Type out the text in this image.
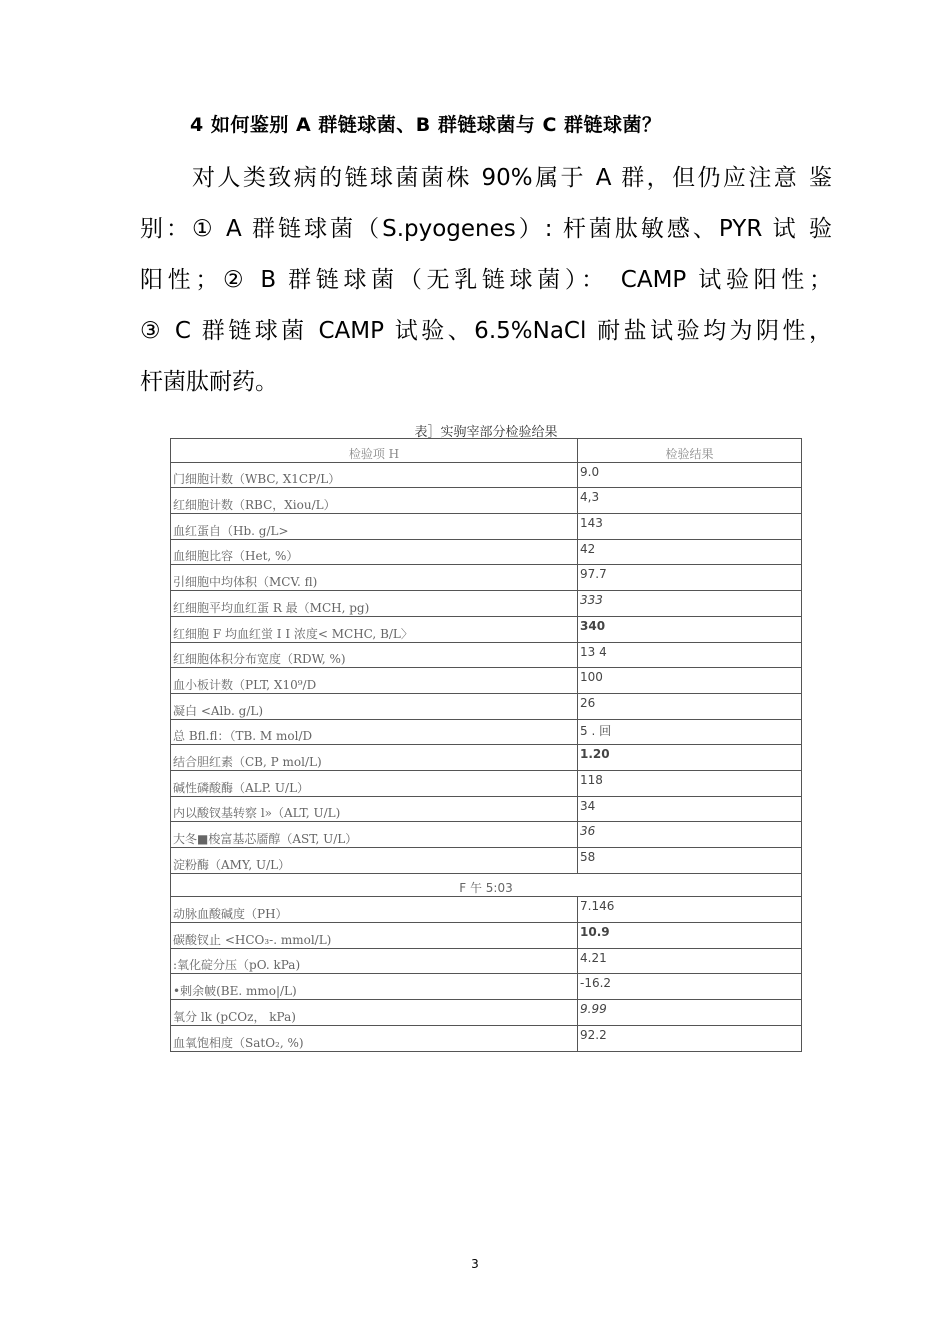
4 如何鉴别 A 群链球菌、B 群链球菌与 C 群链球菌？
对人类致病的链球菌菌株 90%属于 A 群，但仍应注意 鉴
别：① A 群链球菌（S.pyogenes）: 杆菌肽敏感、PYR 试 验
阳性；② B 群链球菌（无乳链球菌）： CAMP 试验阳性；
③ C 群链球菌 CAMP 试验、6.5%NaCl 耐盐试验均为阴性，
杆菌肽耐药。
表］实驹宰部分检验给果
检验项 H	检验结果
门细胞计数（WBC, X1CP/L）	9.0
红细胞计数（RBC，Xiou/L）	4,3
血红蛋自（Hb. g/L>	143
血细胞比容（Het, %）	42
引细胞中均体积（MCV. fl)	97.7
红细胞平均血红蛋 R 最（MCH, pg)	333
红细胞 F 均血红蛍 I I 浓度< MCHC, B/L〉	340
红细胞体积分布宽度（RDW, %)	13 4
血小板计数（PLT, X10⁹/D	100
凝白 <Alb. g/L)	26
总 Bfl.fl：（TB. M mol/D	5 . 回
结合胆红素（CB, P mol/L)	1.20
碱性磷酸酶（ALP. U/L）	118
内以酸钗基转察 l»（ALT, U/L)	34
大冬■梭富基芯靥醇（AST, U/L）	36
淀粉酶（AMY, U/L）	58
F 午 5:03	
动脉血酸碱度（PH）	7.146
碳酸钗止 <HCO₃-. mmol/L)	10.9
:氧化碇分压（pO. kPa)	4.21
•剌余帔(BE. mmo|/L)	-16.2
氧分 lk (pCOz， kPa)	9.99
血氧饱相度（SatO₂, %)	92.2
3
